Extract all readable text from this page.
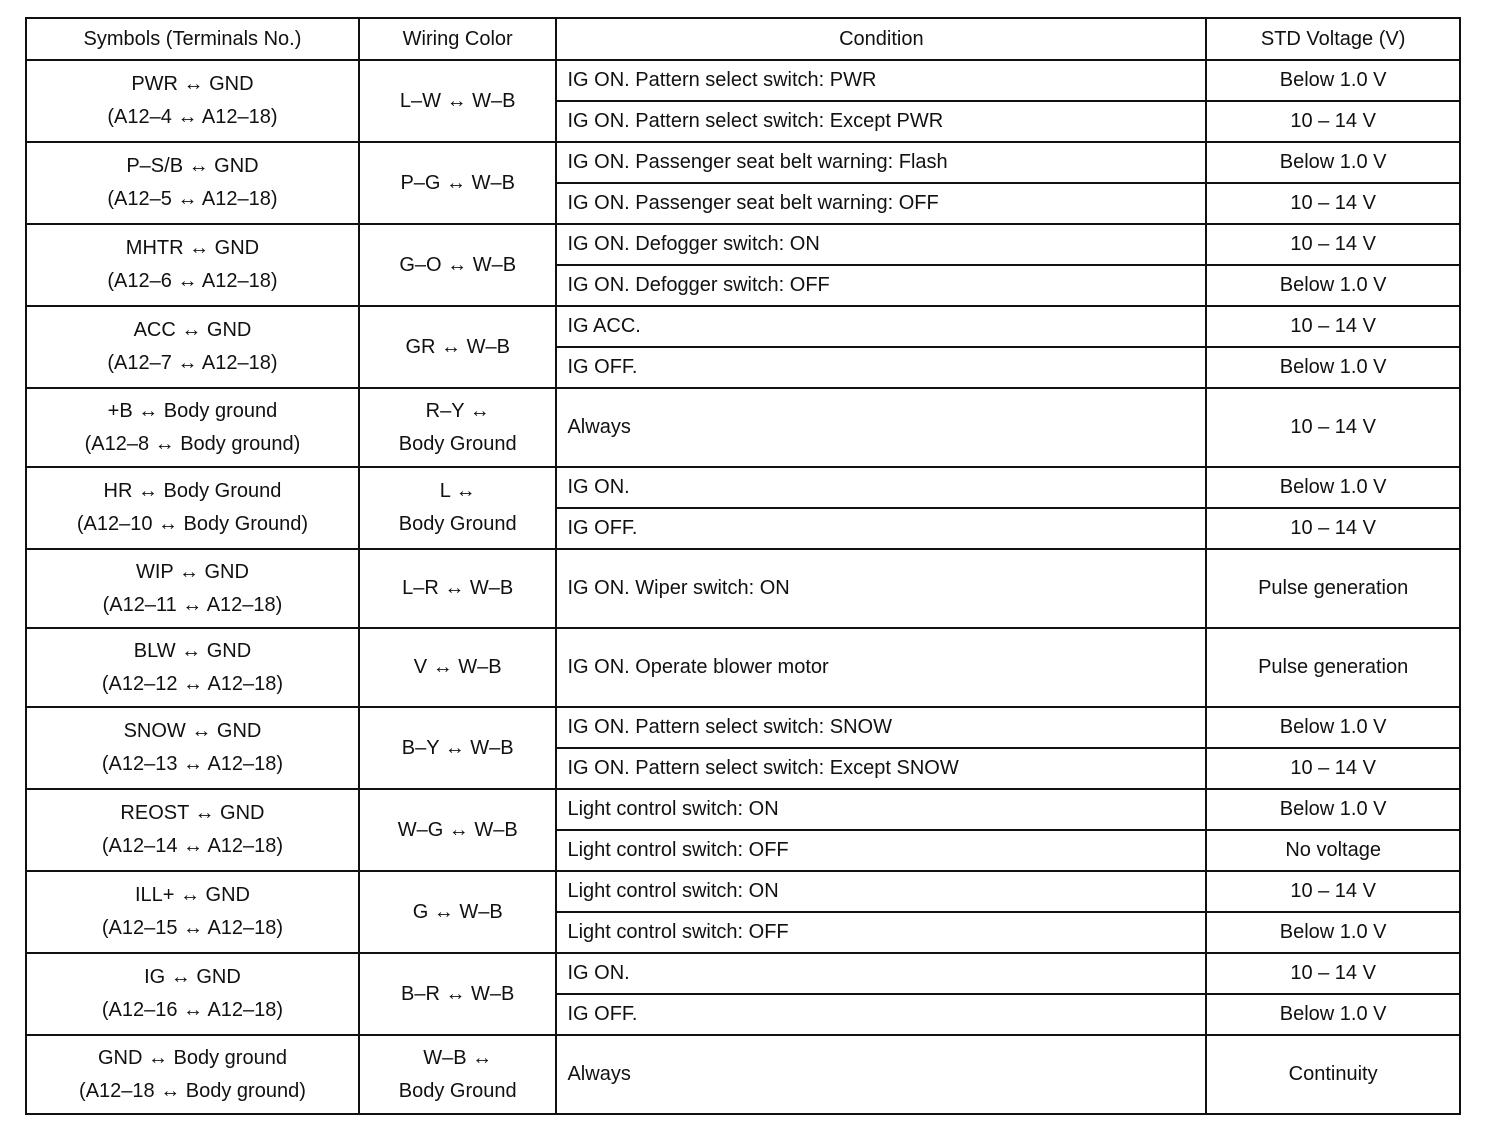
Symbols (Terminals No.)	Wiring Color	Condition	STD Voltage (V)

PWR ↔ GND
(A12–4 ↔ A12–18)	L–W ↔ W–B	IG ON. Pattern select switch: PWR	Below 1.0 V
		IG ON. Pattern select switch: Except PWR	10 – 14 V

P–S/B ↔ GND
(A12–5 ↔ A12–18)	P–G ↔ W–B	IG ON. Passenger seat belt warning: Flash	Below 1.0 V
		IG ON. Passenger seat belt warning: OFF	10 – 14 V

MHTR ↔ GND
(A12–6 ↔ A12–18)	G–O ↔ W–B	IG ON. Defogger switch: ON	10 – 14 V
		IG ON. Defogger switch: OFF	Below 1.0 V

ACC ↔ GND
(A12–7 ↔ A12–18)	GR ↔ W–B	IG ACC.	10 – 14 V
		IG OFF.	Below 1.0 V

+B ↔ Body ground
(A12–8 ↔ Body ground)	R–Y ↔
Body Ground	Always	10 – 14 V

HR ↔ Body Ground
(A12–10 ↔ Body Ground)	L ↔
Body Ground	IG ON.	Below 1.0 V
		IG OFF.	10 – 14 V

WIP ↔ GND
(A12–11 ↔ A12–18)	L–R ↔ W–B	IG ON. Wiper switch: ON	Pulse generation

BLW ↔ GND
(A12–12 ↔ A12–18)	V ↔ W–B	IG ON. Operate blower motor	Pulse generation

SNOW ↔ GND
(A12–13 ↔ A12–18)	B–Y ↔ W–B	IG ON. Pattern select switch: SNOW	Below 1.0 V
		IG ON. Pattern select switch: Except SNOW	10 – 14 V

REOST ↔ GND
(A12–14 ↔ A12–18)	W–G ↔ W–B	Light control switch: ON	Below 1.0 V
		Light control switch: OFF	No voltage

ILL+ ↔ GND
(A12–15 ↔ A12–18)	G ↔ W–B	Light control switch: ON	10 – 14 V
		Light control switch: OFF	Below 1.0 V

IG ↔ GND
(A12–16 ↔ A12–18)	B–R ↔ W–B	IG ON.	10 – 14 V
		IG OFF.	Below 1.0 V

GND ↔ Body ground
(A12–18 ↔ Body ground)	W–B ↔
Body Ground	Always	Continuity
